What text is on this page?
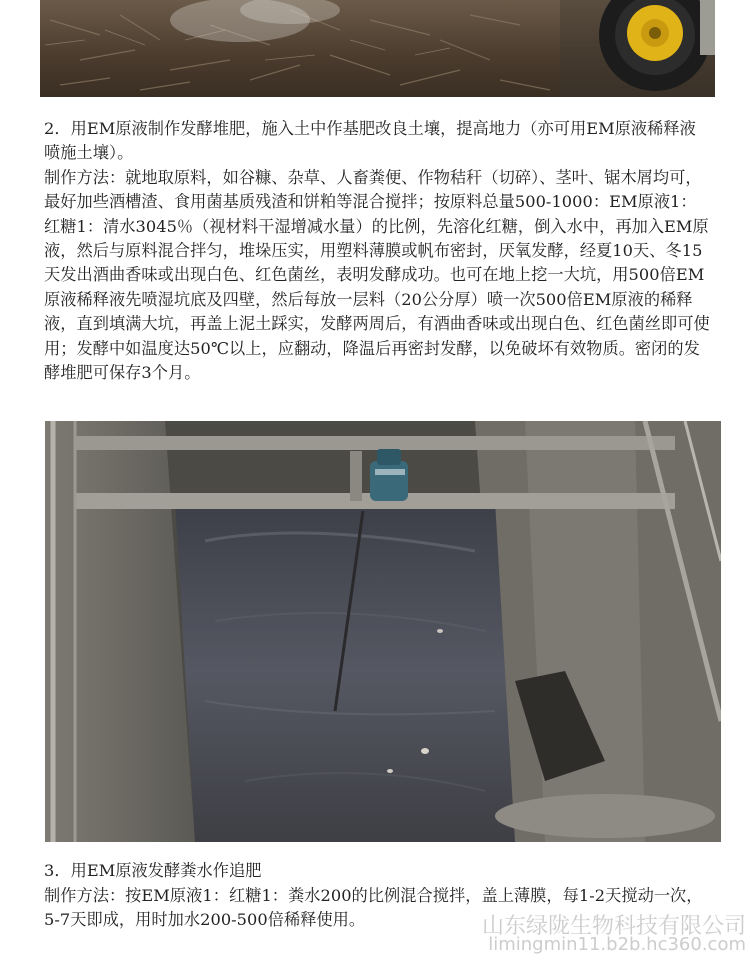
2．用EM原液制作发酵堆肥，施入土中作基肥改良土壤，提高地力（亦可用EM原液稀释液喷施土壤）。

制作方法：就地取原料，如谷糠、杂草、人畜粪便、作物秸秆（切碎）、茎叶、锯木屑均可，最好加些酒槽渣、食用菌基质残渣和饼粕等混合搅拌；按原料总量500-1000：EM原液1：红糖1：清水3045％（视材料干湿增减水量）的比例，先溶化红糖，倒入水中，再加入EM原液，然后与原料混合拌匀，堆垛压实，用塑料薄膜或帆布密封，厌氧发酵，经夏10天、冬15天发出酒曲香味或出现白色、红色菌丝，表明发酵成功。也可在地上挖一大坑，用500倍EM原液稀释液先喷湿坑底及四壁，然后每放一层料（20公分厚）喷一次500倍EM原液的稀释液，直到填满大坑，再盖上泥土踩实，发酵两周后，有酒曲香味或出现白色、红色菌丝即可使用；发酵中如温度达50℃以上，应翻动，降温后再密封发酵，以免破坏有效物质。密闭的发酵堆肥可保存3个月。

3．用EM原液发酵粪水作追肥

制作方法：按EM原液1：红糖1：粪水200的比例混合搅拌，盖上薄膜，每1-2天搅动一次，5-7天即成，用时加水200-500倍稀释使用。	山东绿陇生物科技有限公司
limingmin11.b2b.hc360.com
